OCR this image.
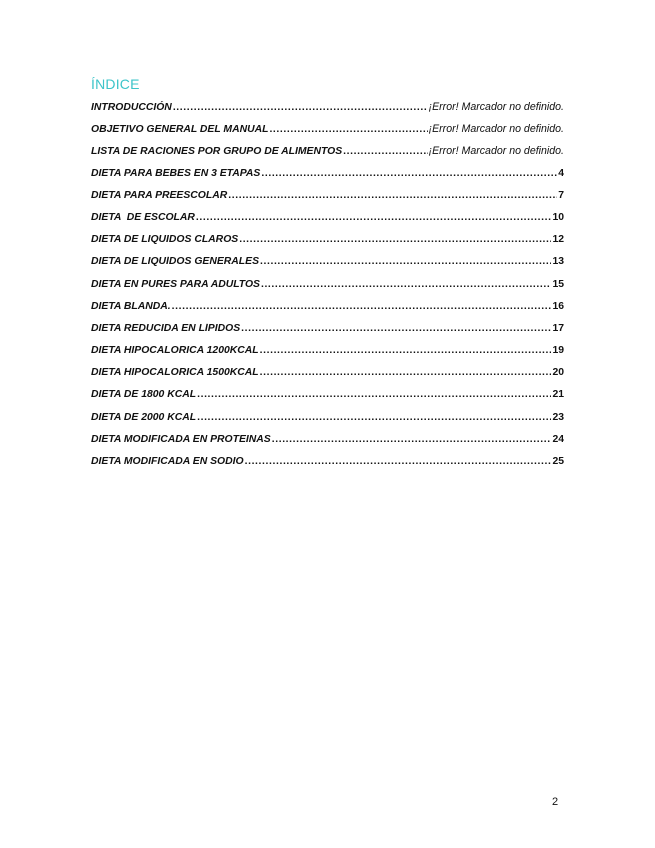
ÍNDICE
INTRODUCCIÓN .....	¡Error! Marcador no definido.
OBJETIVO GENERAL DEL MANUAL .....	¡Error! Marcador no definido.
LISTA DE RACIONES POR GRUPO DE ALIMENTOS .....	¡Error! Marcador no definido.
DIETA PARA BEBES EN 3 ETAPAS .....	4
DIETA PARA PREESCOLAR .....	7
DIETA  DE ESCOLAR .....	10
DIETA DE LIQUIDOS CLAROS .....	12
DIETA DE LIQUÍDOS GENERALES .....	13
DIETA EN PURES PARA ADULTOS .....	15
DIETA BLANDA. .....	16
DIETA REDUCIDA EN LÍPIDOS .....	17
DIETA HIPOCALORICA 1200KCAL .....	19
DIETA HIPOCALORICA 1500KCAL .....	20
DIETA DE 1800 KCAL .....	21
DIETA DE 2000 KCAL .....	23
DIETA MODIFICADA EN PROTEINAS .....	24
DIETA MODIFICADA EN SODIO .....	25
2
